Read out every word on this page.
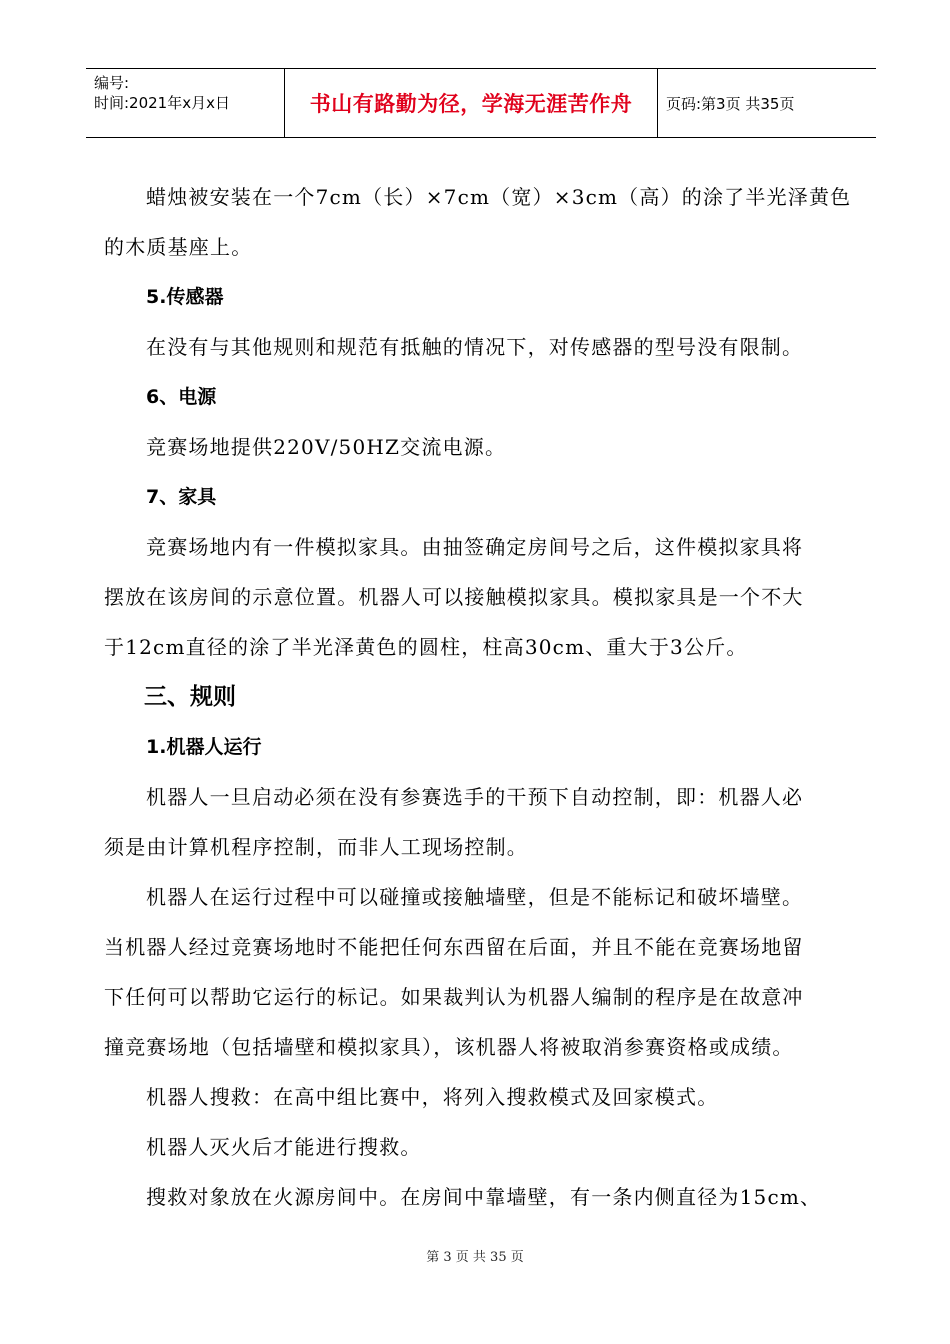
编号:
时间:2021年x月x日	书山有路勤为径，学海无涯苦作舟	页码:第3页 共35页

蜡烛被安装在一个7cm（长）×7cm（宽）×3cm（高）的涂了半光泽黄色

的木质基座上。

5.传感器

在没有与其他规则和规范有抵触的情况下，对传感器的型号没有限制。

6、电源

竞赛场地提供220V/50HZ交流电源。

7、家具

竞赛场地内有一件模拟家具。由抽签确定房间号之后，这件模拟家具将

摆放在该房间的示意位置。机器人可以接触模拟家具。模拟家具是一个不大

于12cm直径的涂了半光泽黄色的圆柱，柱高30cm、重大于3公斤。

三、规则

1.机器人运行

机器人一旦启动必须在没有参赛选手的干预下自动控制，即：机器人必

须是由计算机程序控制，而非人工现场控制。

机器人在运行过程中可以碰撞或接触墙壁，但是不能标记和破坏墙壁。

当机器人经过竞赛场地时不能把任何东西留在后面，并且不能在竞赛场地留

下任何可以帮助它运行的标记。如果裁判认为机器人编制的程序是在故意冲

撞竞赛场地（包括墙壁和模拟家具），该机器人将被取消参赛资格或成绩。

机器人搜救：在高中组比赛中，将列入搜救模式及回家模式。

机器人灭火后才能进行搜救。

搜救对象放在火源房间中。在房间中靠墙壁，有一条内侧直径为15cm、

第 3 页 共 35 页
